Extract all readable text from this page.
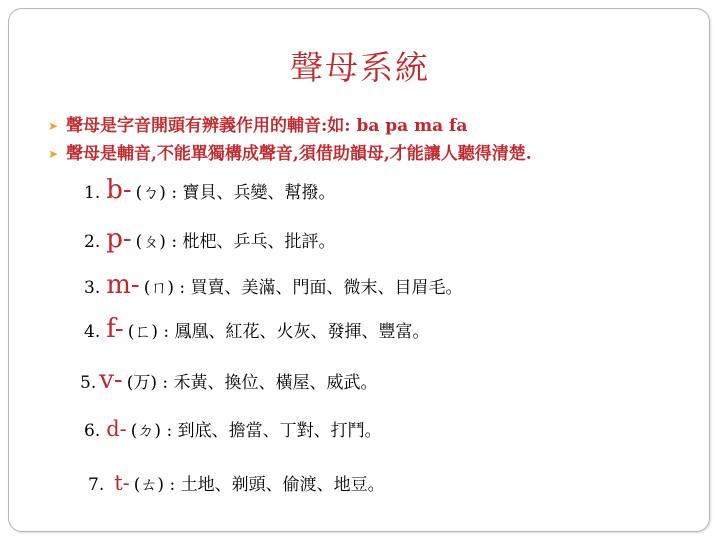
聲母系統
➤ 聲母是字音開頭有辨義作用的輔音:如: ba pa ma fa
➤ 聲母是輔音,不能單獨構成聲音,須借助韻母,才能讓人聽得清楚.
1. b- (ㄅ) : 寶貝、兵變、幫撥。
2. p- (ㄆ) : 枇杷、乒乓、批評。
3. m- (ㄇ) : 買賣、美滿、門面、微末、目眉毛。
4. f-(ㄈ) : 鳳凰、紅花、火灰、發揮、豐富。
5. v-(万) : 禾黃、換位、橫屋、威武。
6. d- (ㄉ) : 到底、擔當、丁對、打鬥。
7. t- (ㄊ) : 土地、剃頭、偷渡、地豆。
